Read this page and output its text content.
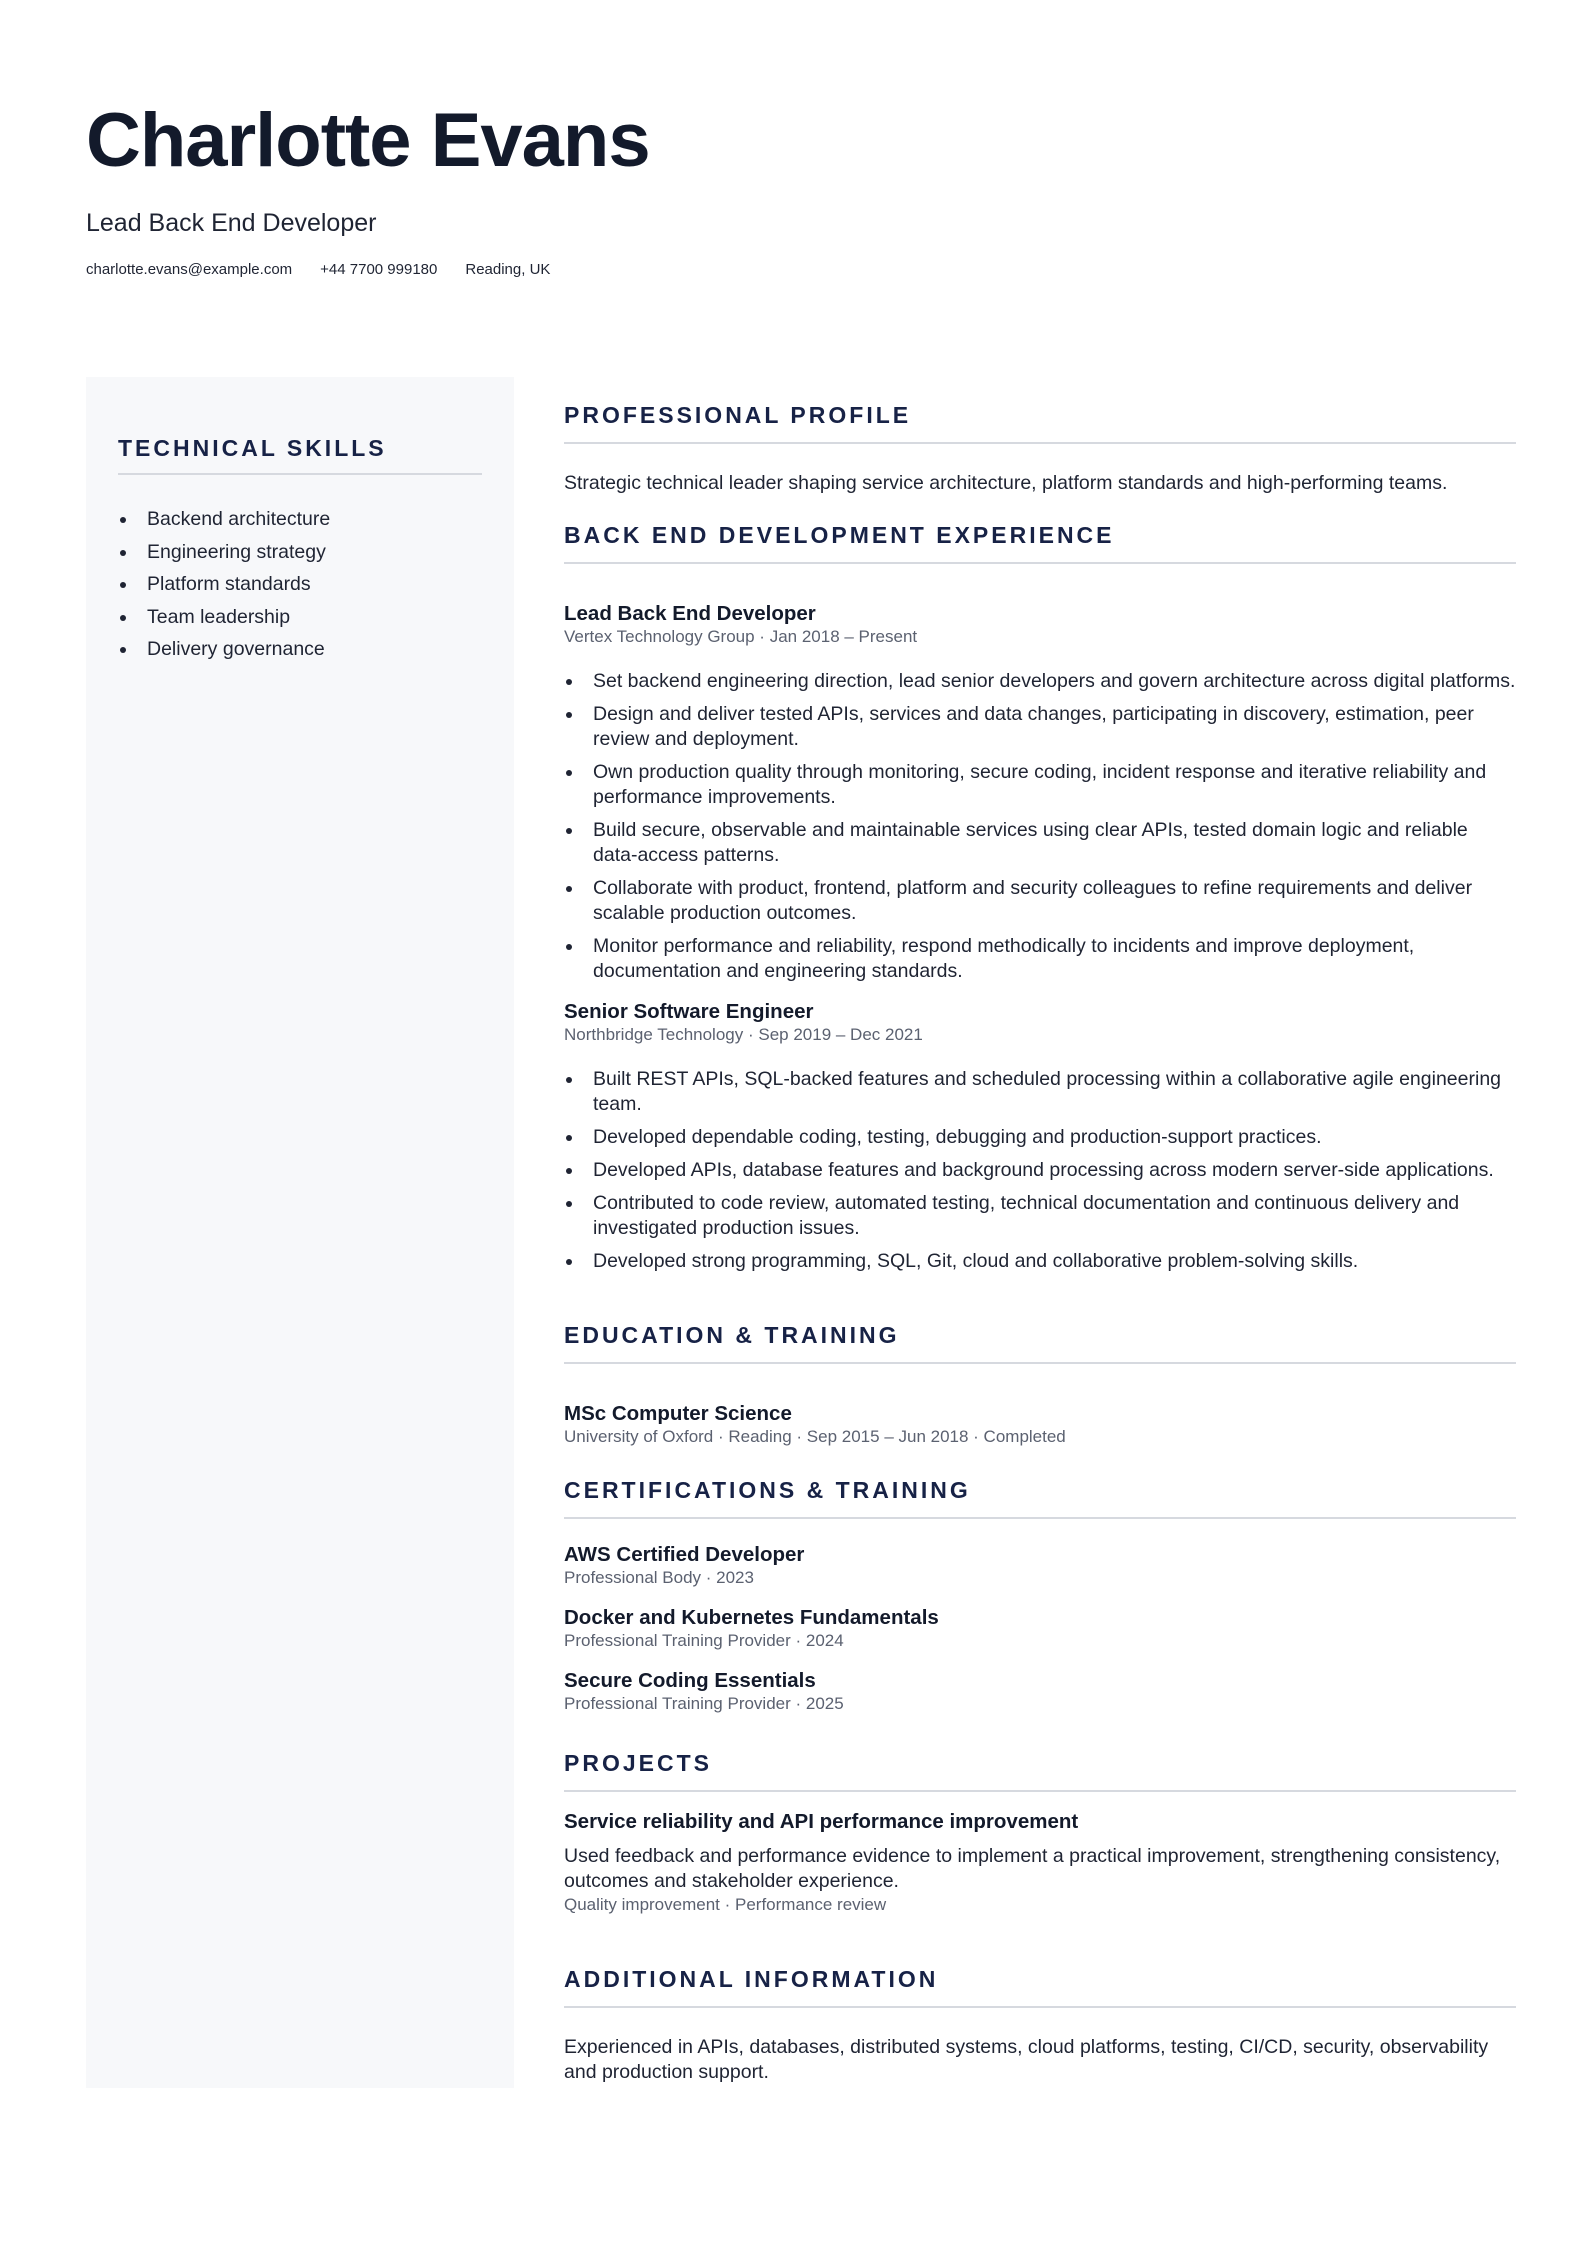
Charlotte Evans
Lead Back End Developer
charlotte.evans@example.com +44 7700 999180 Reading, UK
TECHNICAL SKILLS
Backend architecture
Engineering strategy
Platform standards
Team leadership
Delivery governance
PROFESSIONAL PROFILE
Strategic technical leader shaping service architecture, platform standards and high-performing teams.
BACK END DEVELOPMENT EXPERIENCE
Lead Back End Developer
Vertex Technology Group · Jan 2018 – Present
Set backend engineering direction, lead senior developers and govern architecture across digital platforms.
Design and deliver tested APIs, services and data changes, participating in discovery, estimation, peer review and deployment.
Own production quality through monitoring, secure coding, incident response and iterative reliability and performance improvements.
Build secure, observable and maintainable services using clear APIs, tested domain logic and reliable data-access patterns.
Collaborate with product, frontend, platform and security colleagues to refine requirements and deliver scalable production outcomes.
Monitor performance and reliability, respond methodically to incidents and improve deployment, documentation and engineering standards.
Senior Software Engineer
Northbridge Technology · Sep 2019 – Dec 2021
Built REST APIs, SQL-backed features and scheduled processing within a collaborative agile engineering team.
Developed dependable coding, testing, debugging and production-support practices.
Developed APIs, database features and background processing across modern server-side applications.
Contributed to code review, automated testing, technical documentation and continuous delivery and investigated production issues.
Developed strong programming, SQL, Git, cloud and collaborative problem-solving skills.
EDUCATION & TRAINING
MSc Computer Science
University of Oxford · Reading · Sep 2015 – Jun 2018 · Completed
CERTIFICATIONS & TRAINING
AWS Certified Developer
Professional Body · 2023
Docker and Kubernetes Fundamentals
Professional Training Provider · 2024
Secure Coding Essentials
Professional Training Provider · 2025
PROJECTS
Service reliability and API performance improvement
Used feedback and performance evidence to implement a practical improvement, strengthening consistency, outcomes and stakeholder experience.
Quality improvement · Performance review
ADDITIONAL INFORMATION
Experienced in APIs, databases, distributed systems, cloud platforms, testing, CI/CD, security, observability and production support.
